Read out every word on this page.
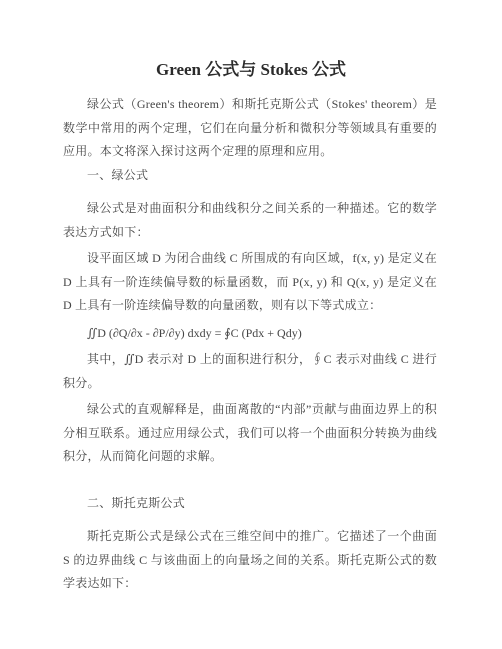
Green 公式与 Stokes 公式
绿公式（Green's theorem）和斯托克斯公式（Stokes' theorem）是数学中常用的两个定理，它们在向量分析和微积分等领域具有重要的应用。本文将深入探讨这两个定理的原理和应用。
一、绿公式
绿公式是对曲面积分和曲线积分之间关系的一种描述。它的数学表达方式如下：
设平面区域 D 为闭合曲线 C 所围成的有向区域，f(x, y) 是定义在 D 上具有一阶连续偏导数的标量函数，而 P(x, y) 和 Q(x, y) 是定义在 D 上具有一阶连续偏导数的向量函数，则有以下等式成立：
∬D (∂Q/∂x - ∂P/∂y) dxdy = ∮C (Pdx + Qdy)
其中，∬D 表示对 D 上的面积进行积分，∮C 表示对曲线 C 进行积分。
绿公式的直观解释是，曲面离散的“内部”贡献与曲面边界上的积分相互联系。通过应用绿公式，我们可以将一个曲面积分转换为曲线积分，从而简化问题的求解。
二、斯托克斯公式
斯托克斯公式是绿公式在三维空间中的推广。它描述了一个曲面 S 的边界曲线 C 与该曲面上的向量场之间的关系。斯托克斯公式的数学表达如下：
